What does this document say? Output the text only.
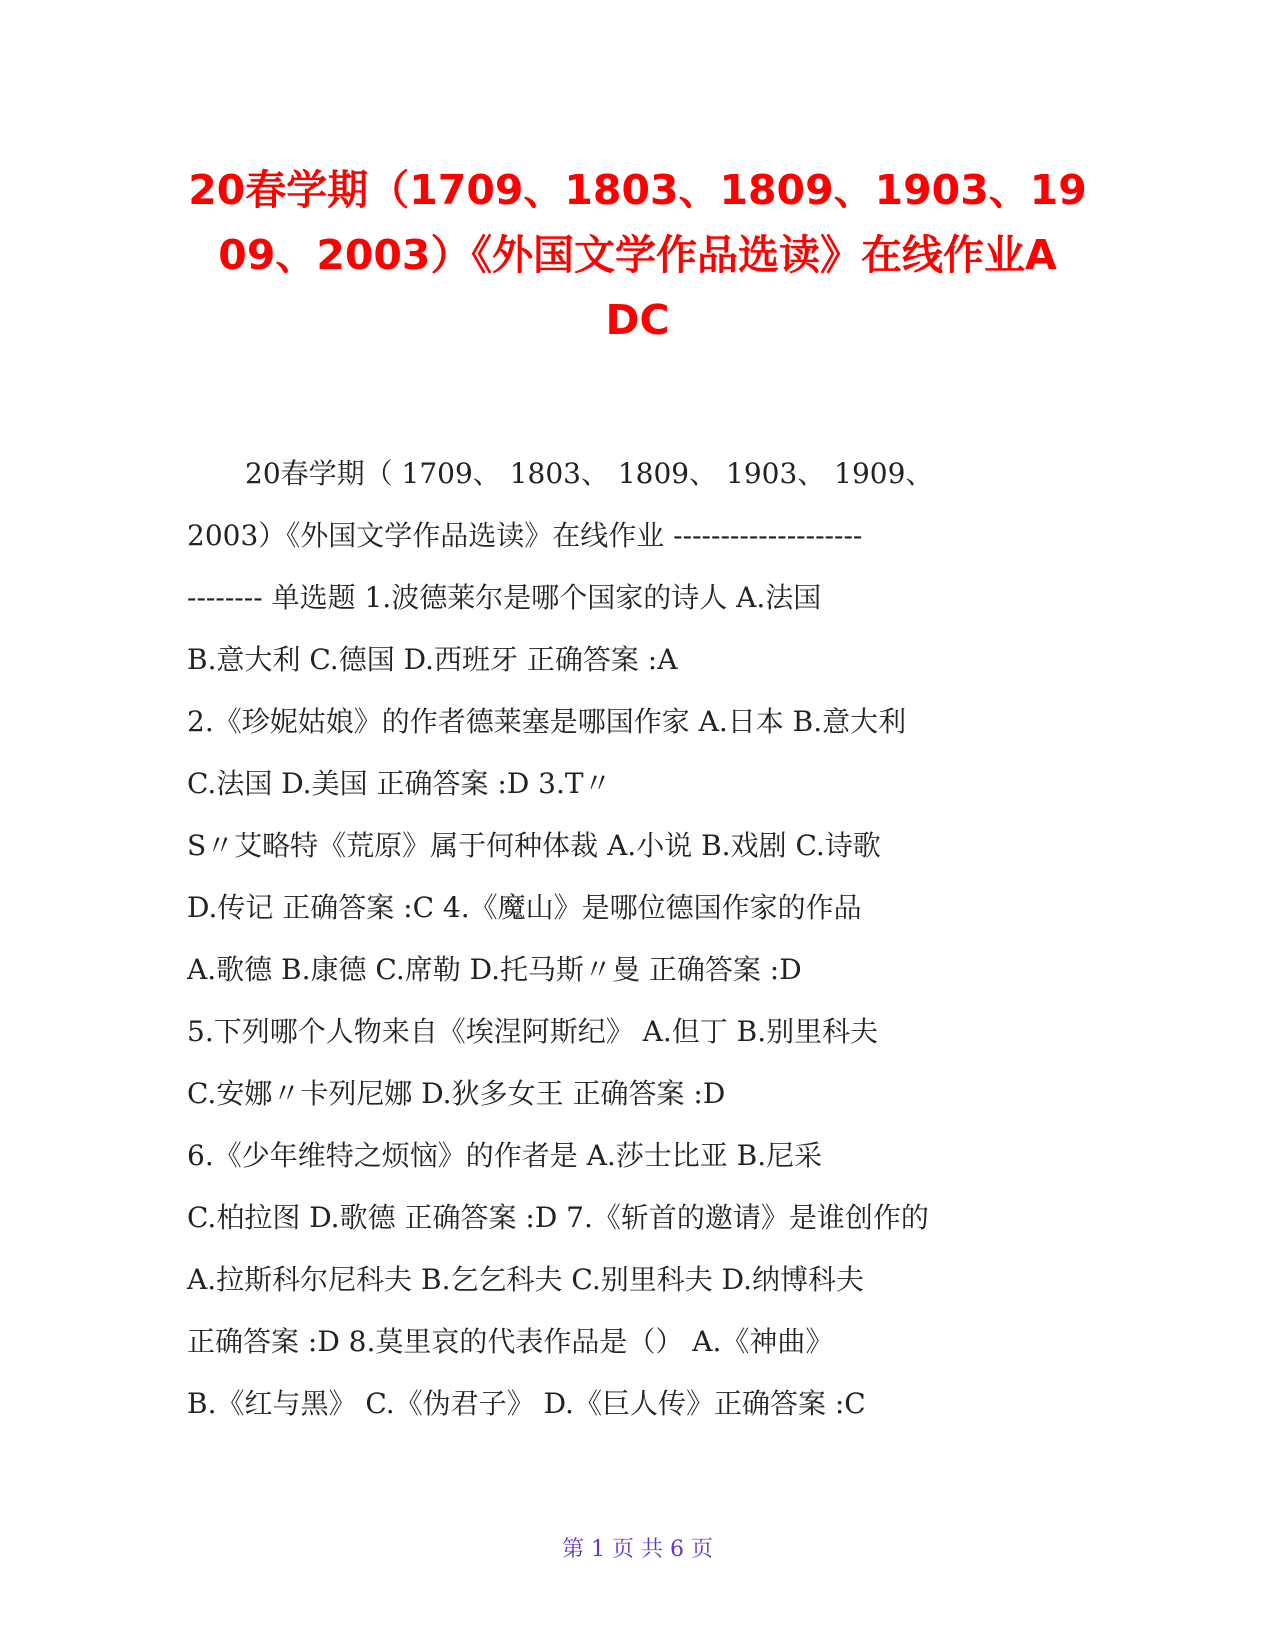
20春学期（1709、1803、1809、1903、19
09、2003）《外国文学作品选读》在线作业A
DC
20春学期（ 1709、 1803、 1809、 1903、 1909、
2003）《外国文学作品选读》在线作业 --------------------
-------- 单选题 1.波德莱尔是哪个国家的诗人 A.法国
B.意大利 C.德国 D.西班牙 正确答案 :A
2.《珍妮姑娘》的作者德莱塞是哪国作家 A.日本 B.意大利
C.法国 D.美国 正确答案 :D 3.T〃
S〃艾略特《荒原》属于何种体裁 A.小说 B.戏剧 C.诗歌
D.传记 正确答案 :C 4.《魔山》是哪位德国作家的作品
A.歌德 B.康德 C.席勒 D.托马斯〃曼 正确答案 :D
5.下列哪个人物来自《埃涅阿斯纪》 A.但丁 B.别里科夫
C.安娜〃卡列尼娜 D.狄多女王 正确答案 :D
6.《少年维特之烦恼》的作者是 A.莎士比亚 B.尼采
C.柏拉图 D.歌德 正确答案 :D 7.《斩首的邀请》是谁创作的
A.拉斯科尔尼科夫 B.乞乞科夫 C.别里科夫 D.纳博科夫
正确答案 :D 8.莫里哀的代表作品是（） A.《神曲》
B.《红与黑》 C.《伪君子》 D.《巨人传》正确答案 :C
第 1 页 共 6 页
